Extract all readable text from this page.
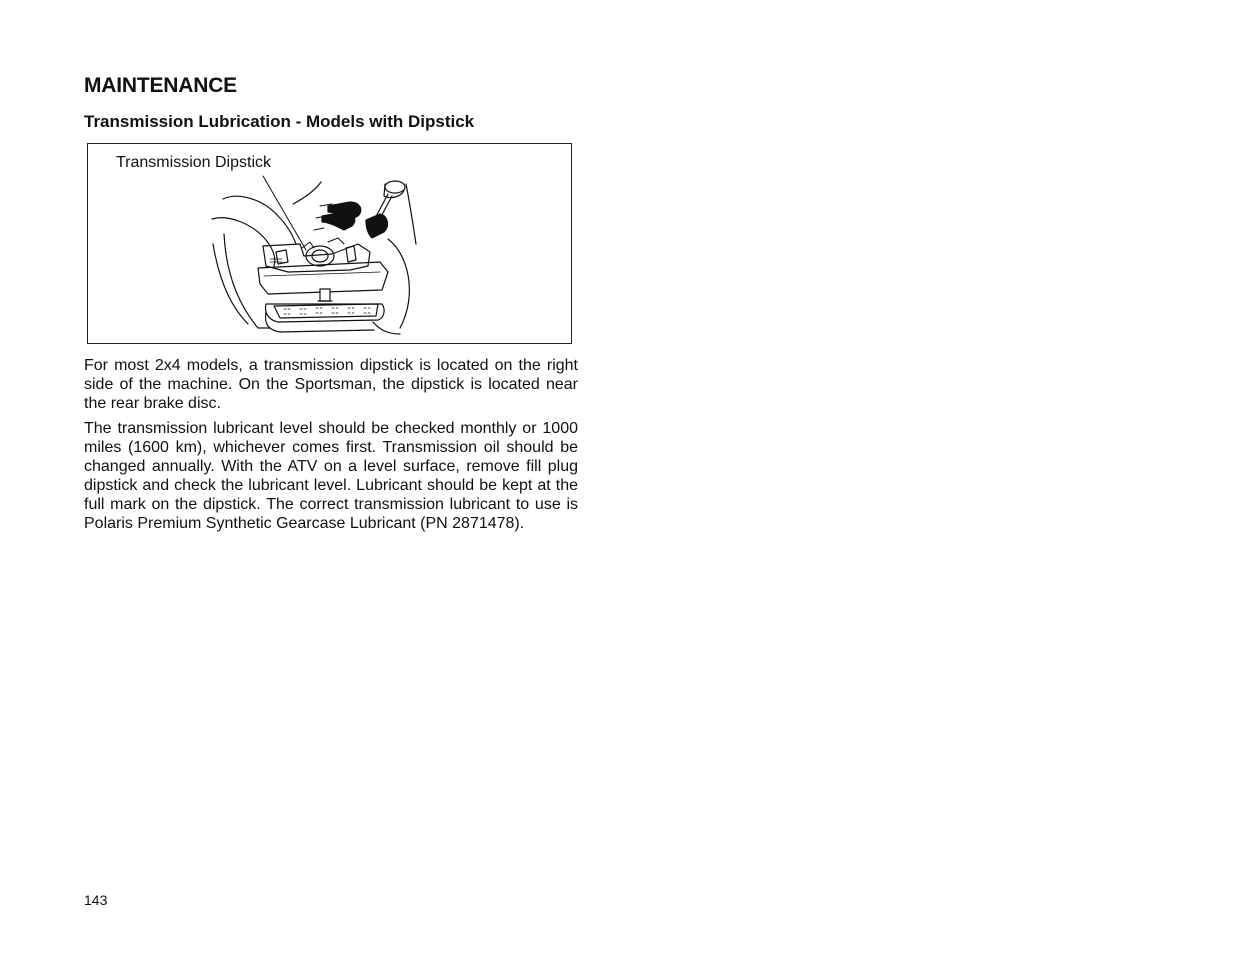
MAINTENANCE
Transmission Lubrication - Models with Dipstick
Transmission Dipstick

For most 2x4 models, a transmission dipstick is located on the right side of the machine. On the Sportsman, the dipstick is located near the rear brake disc.

The transmission lubricant level should be checked monthly or 1000 miles (1600 km), whichever comes first. Transmission oil should be changed annually. With the ATV on a level surface, remove fill plug dipstick and check the lubricant level. Lubricant should be kept at the full mark on the dipstick. The correct transmission lubricant to use is Polaris Premium Synthetic Gearcase Lubricant (PN 2871478).

143
